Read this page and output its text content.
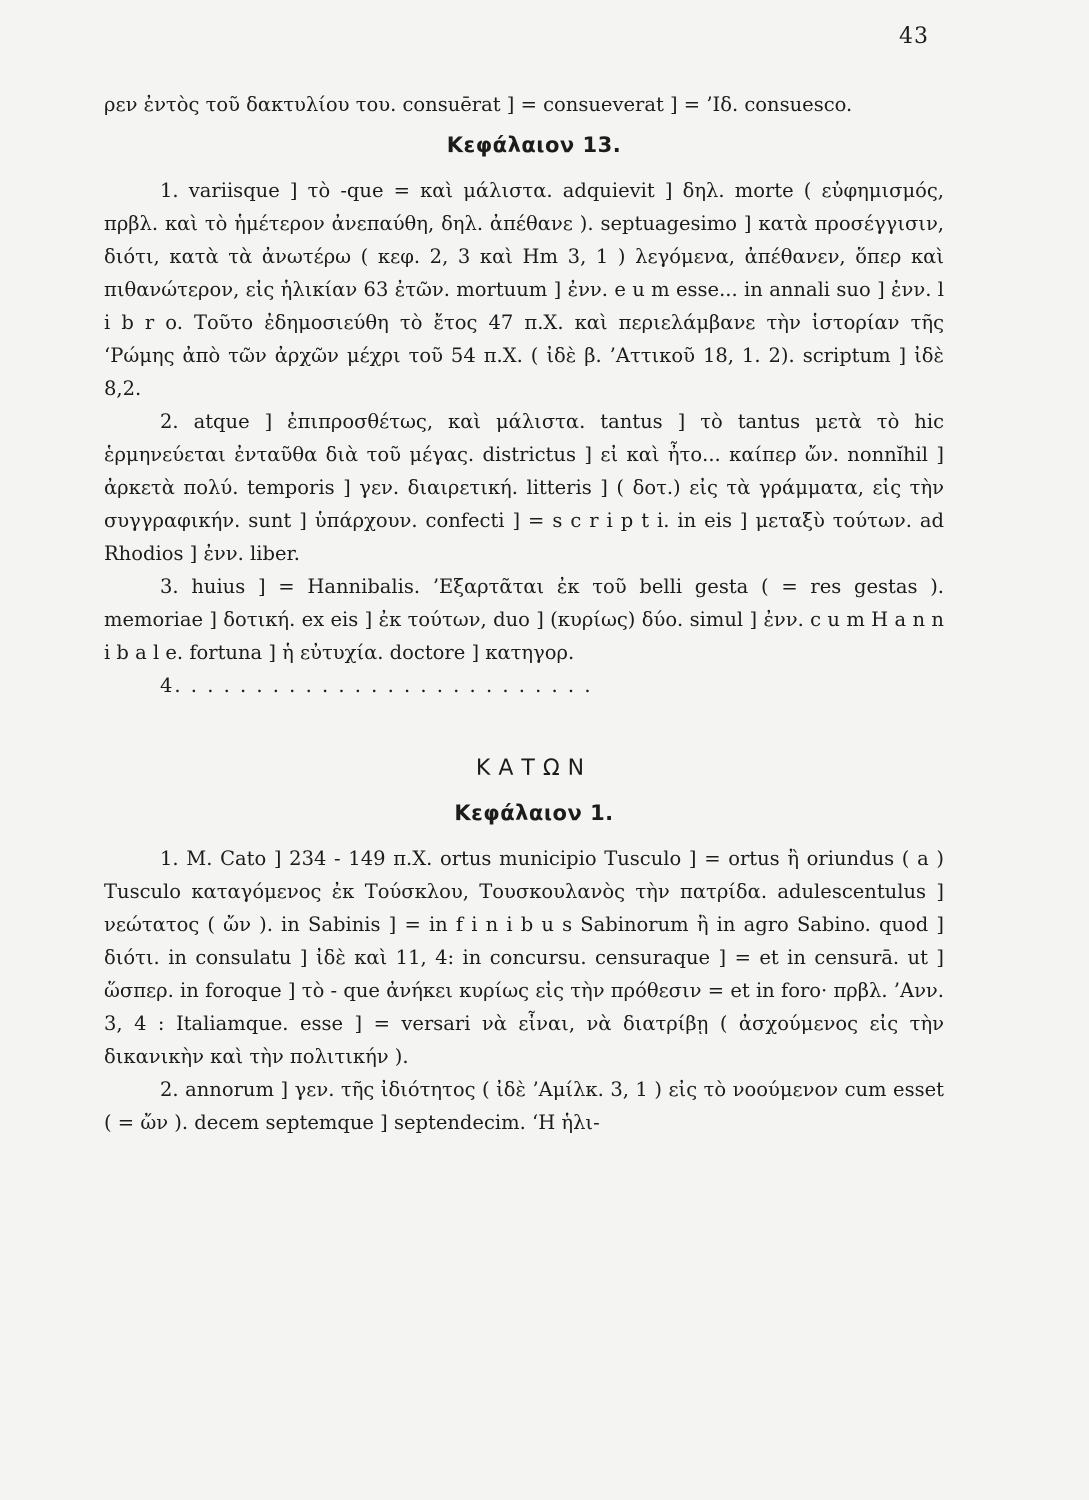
43

ρεν ἐντὸς τοῦ δακτυλίου του. consuērat ] = consueverat ] = ’Ιδ. consuesco.

Κεφάλαιον 13.

1. variisque ] τὸ -que = καὶ μάλιστα. adquievit ] δηλ. morte ( εὐφημισμός, πρβλ. καὶ τὸ ἡμέτερον ἀνεπαύθη, δηλ. ἀπέθανε ). septuagesimo ] κατὰ προσέγγισιν, διότι, κατὰ τὰ ἀνωτέρω ( κεφ. 2, 3 καὶ Hm 3, 1 ) λεγόμενα, ἀπέθανεν, ὅπερ καὶ πιθανώτερον, εἰς ἡλικίαν 63 ἐτῶν. mortuum ] ἐνν. e u m esse... in annali suo ] ἐνν. l i b r o. Τοῦτο ἐδημοσιεύθη τὸ ἔτος 47 π.Χ. καὶ περιελάμβανε τὴν ἱστορίαν τῆς ‘Ρώμης ἀπὸ τῶν ἀρχῶν μέχρι τοῦ 54 π.Χ. ( ἰδὲ β. ’Αττικοῦ 18, 1. 2). scriptum ] ἰδὲ 8,2.

2. atque ] ἐπιπροσθέτως, καὶ μάλιστα. tantus ] τὸ tantus μετὰ τὸ hic ἑρμηνεύεται ἐνταῦθα διὰ τοῦ μέγας. districtus ] εἰ καὶ ἦτο... καίπερ ὤν. nonnĭhil ] ἀρκετὰ πολύ. temporis ] γεν. διαιρετική. litteris ] ( δοτ.) εἰς τὰ γράμματα, εἰς τὴν συγγραφικήν. sunt ] ὑπάρχουν. confecti ] = s c r i p t i. in eis ] μεταξὺ τούτων. ad Rhodios ] ἐνν. liber.

3. huius ] = Hannibalis. ’Εξαρτᾶται ἐκ τοῦ belli gesta ( = res gestas ). memoriae ] δοτική. ex eis ] ἐκ τούτων, duo ] (κυρίως) δύο. simul ] ἐνν. c u m H a n n i b a l e. fortuna ] ἡ εὐτυχία. doctore ] κατηγορ.

4. . . . . . . . . . . . . . . . . . . . . . . . . .

ΚΑΤΩΝ
Κεφάλαιον 1.

1. M. Cato ] 234 - 149 π.Χ. ortus municipio Tusculo ] = ortus ἢ oriundus ( a ) Tusculo καταγόμενος ἐκ Τούσκλου, Τουσκουλανὸς τὴν πατρίδα. adulescentulus ] νεώτατος ( ὤν ). in Sabinis ] = in f i n i b u s Sabinorum ἢ in agro Sabino. quod ] διότι. in consulatu ] ἰδὲ καὶ 11, 4: in concursu. censuraque ] = et in censurā. ut ] ὥσπερ. in foroque ] τὸ - que ἀνήκει κυρίως εἰς τὴν πρόθεσιν = et in foro· πρβλ. ’Ανν. 3, 4 : Italiamque. esse ] = versari νὰ εἶναι, νὰ διατρίβῃ ( ἀσχούμενος εἰς τὴν δικανικὴν καὶ τὴν πολιτικήν ).

2. annorum ] γεν. τῆς ἰδιότητος ( ἰδὲ ’Αμίλκ. 3, 1 ) εἰς τὸ νοούμενον cum esset ( = ὤν ). decem septemque ] septendecim. ‘Η ἡλι-
